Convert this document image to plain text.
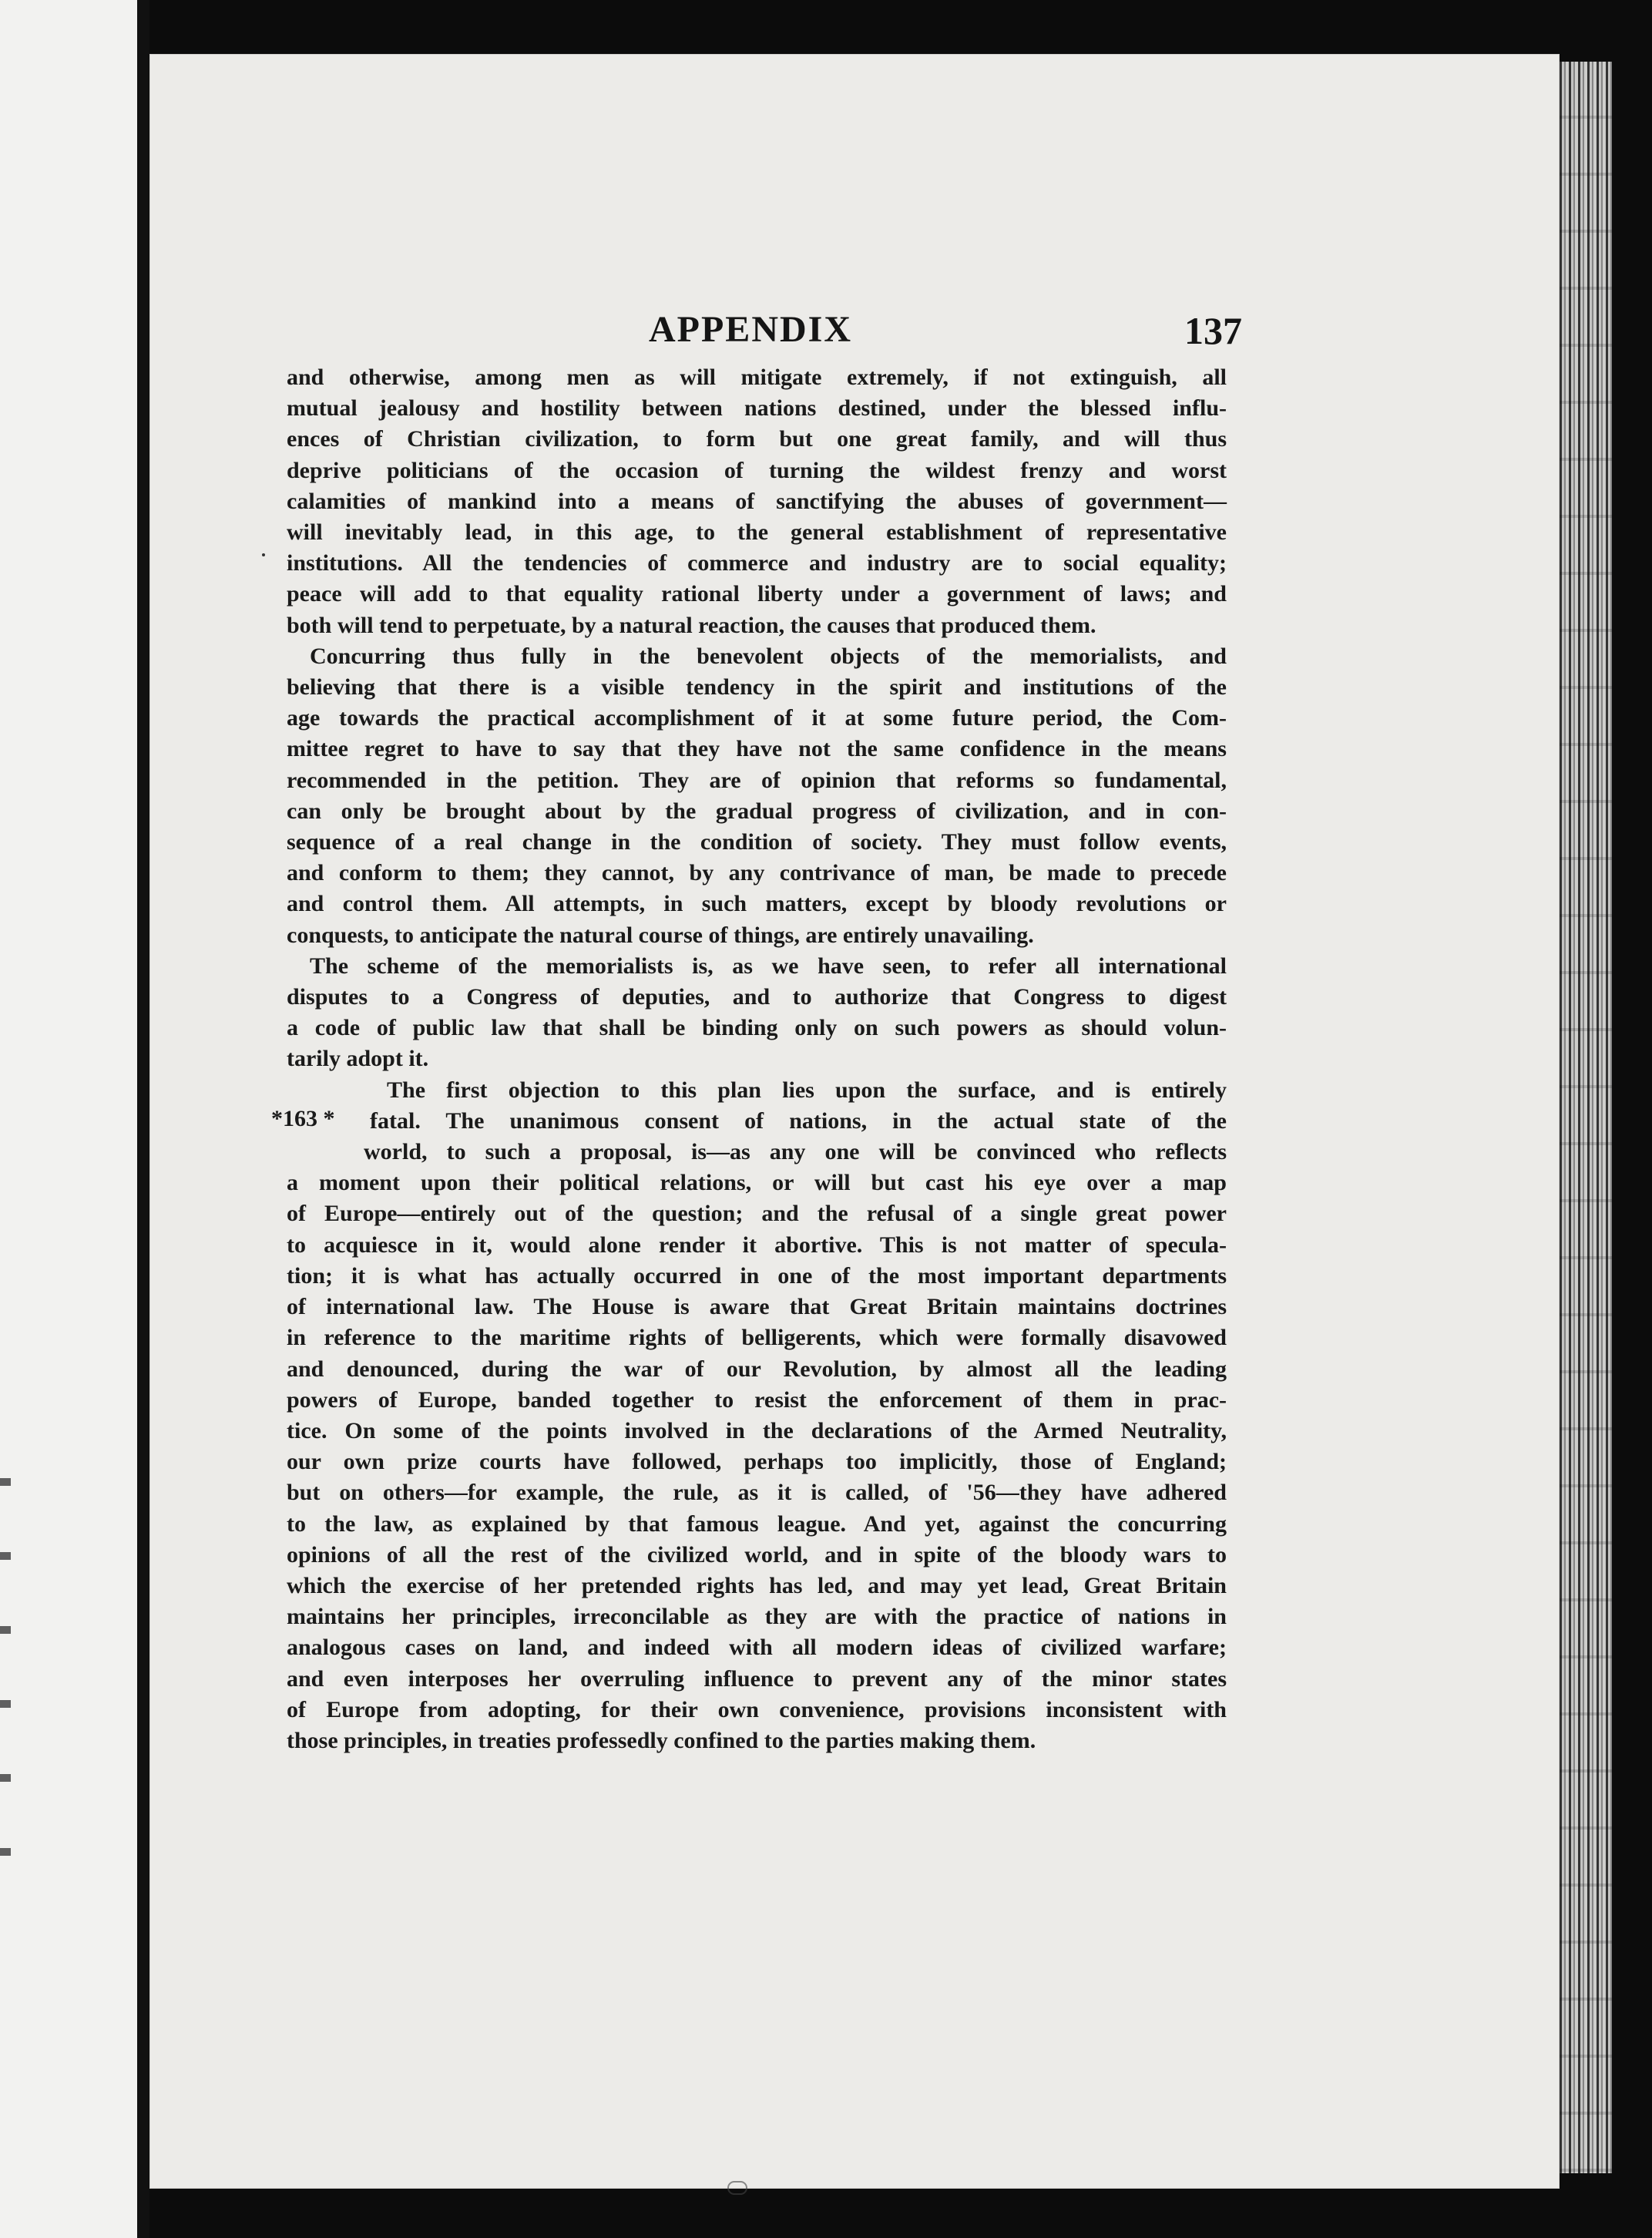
APPENDIX	137

and otherwise, among men as will mitigate extremely, if not extinguish, all
mutual jealousy and hostility between nations destined, under the blessed influ-
ences of Christian civilization, to form but one great family, and will thus
deprive politicians of the occasion of turning the wildest frenzy and worst
calamities of mankind into a means of sanctifying the abuses of government—
will inevitably lead, in this age, to the general establishment of representative
institutions. All the tendencies of commerce and industry are to social equality;
peace will add to that equality rational liberty under a government of laws; and
both will tend to perpetuate, by a natural reaction, the causes that produced them.

Concurring thus fully in the benevolent objects of the memorialists, and
believing that there is a visible tendency in the spirit and institutions of the
age towards the practical accomplishment of it at some future period, the Com-
mittee regret to have to say that they have not the same confidence in the means
recommended in the petition. They are of opinion that reforms so fundamental,
can only be brought about by the gradual progress of civilization, and in con-
sequence of a real change in the condition of society. They must follow events,
and conform to them; they cannot, by any contrivance of man, be made to precede
and control them. All attempts, in such matters, except by bloody revolutions or
conquests, to anticipate the natural course of things, are entirely unavailing.

The scheme of the memorialists is, as we have seen, to refer all international
disputes to a Congress of deputies, and to authorize that Congress to digest
a code of public law that shall be binding only on such powers as should volun-
tarily adopt it.

The first objection to this plan lies upon the surface, and is entirely
fatal. The unanimous consent of nations, in the actual state of the
world, to such a proposal, is—as any one will be convinced who reflects
a moment upon their political relations, or will but cast his eye over a map
of Europe—entirely out of the question; and the refusal of a single great power
to acquiesce in it, would alone render it abortive. This is not matter of specula-
tion; it is what has actually occurred in one of the most important departments
of international law. The House is aware that Great Britain maintains doctrines
in reference to the maritime rights of belligerents, which were formally disavowed
and denounced, during the war of our Revolution, by almost all the leading
powers of Europe, banded together to resist the enforcement of them in prac-
tice. On some of the points involved in the declarations of the Armed Neutrality,
our own prize courts have followed, perhaps too implicitly, those of England;
but on others—for example, the rule, as it is called, of '56—they have adhered
to the law, as explained by that famous league. And yet, against the concurring
opinions of all the rest of the civilized world, and in spite of the bloody wars to
which the exercise of her pretended rights has led, and may yet lead, Great Britain
maintains her principles, irreconcilable as they are with the practice of nations in
analogous cases on land, and indeed with all modern ideas of civilized warfare;
and even interposes her overruling influence to prevent any of the minor states
of Europe from adopting, for their own convenience, provisions inconsistent with
those principles, in treaties professedly confined to the parties making them.

*163 *
